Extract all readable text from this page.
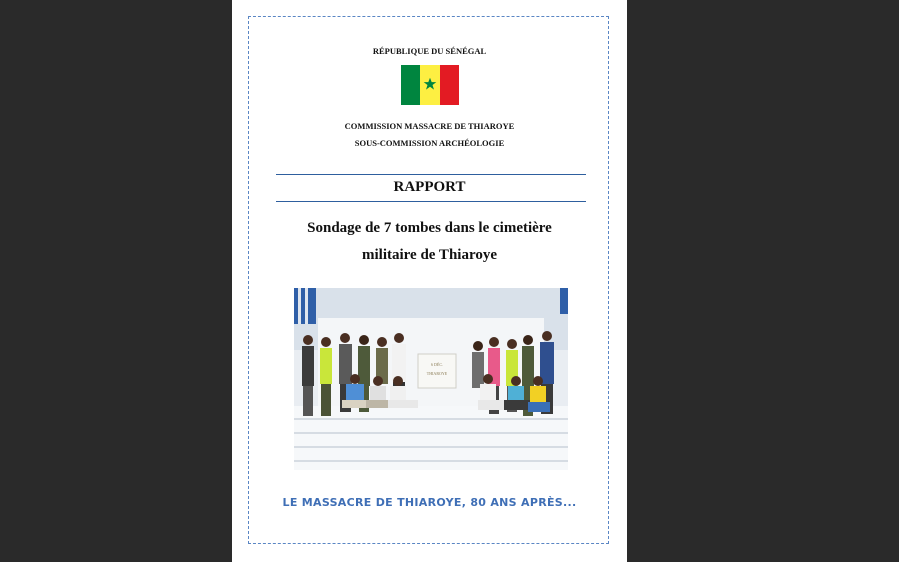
RÉPUBLIQUE DU SÉNÉGAL
COMMISSION MASSACRE DE THIAROYE
SOUS-COMMISSION ARCHÉOLOGIE
RAPPORT
Sondage de 7 tombes dans le cimetière
militaire de Thiaroye
6 DÉC.
THIAROYE
LE MASSACRE DE THIAROYE, 80 ANS APRÈS...
